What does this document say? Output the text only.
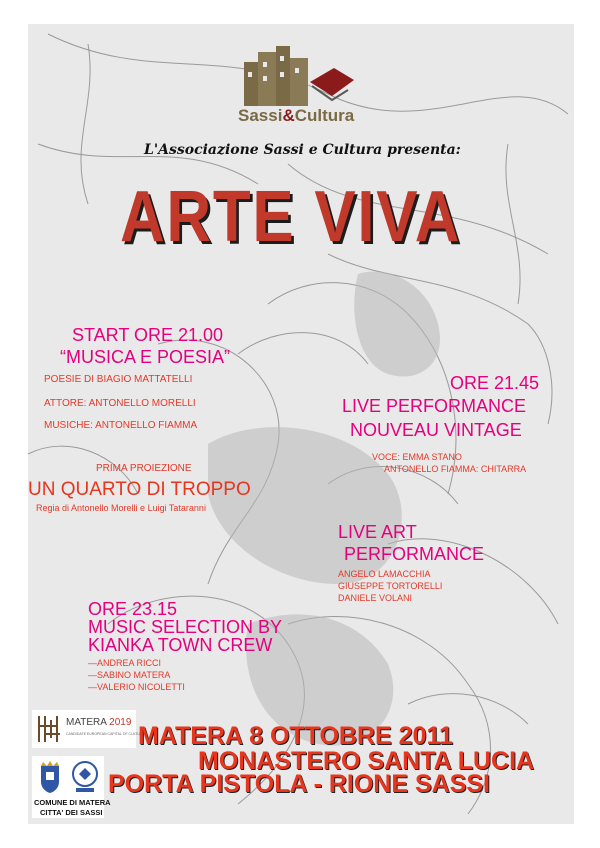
Sassi&Cultura
L'Associazione Sassi e Cultura presenta:
ARTE VIVA
START ORE 21.00
“MUSICA E POESIA”
POESIE DI BIAGIO MATTATELLI
ATTORE: ANTONELLO MORELLI
MUSICHE: ANTONELLO FIAMMA
ORE 21.45
LIVE PERFORMANCE
NOUVEAU VINTAGE
VOCE: EMMA STANO
ANTONELLO FIAMMA: CHITARRA
PRIMA PROIEZIONE
UN QUARTO DI TROPPO
Regia di Antonello Morelli e Luigi Tataranni
LIVE ART
PERFORMANCE
ANGELO LAMACCHIA
GIUSEPPE TORTORELLI
DANIELE VOLANI
ORE 23.15
MUSIC SELECTION BY
KIANKA TOWN CREW
—ANDREA RICCI
—SABINO MATERA
—VALERIO NICOLETTI
MATERA 2019
CANDIDATE EUROPEAN CAPITAL OF CULTURE
COMUNE DI MATERA
CITTA' DEI SASSI
MATERA 8 OTTOBRE 2011
MONASTERO SANTA LUCIA
PORTA PISTOLA - RIONE SASSI
